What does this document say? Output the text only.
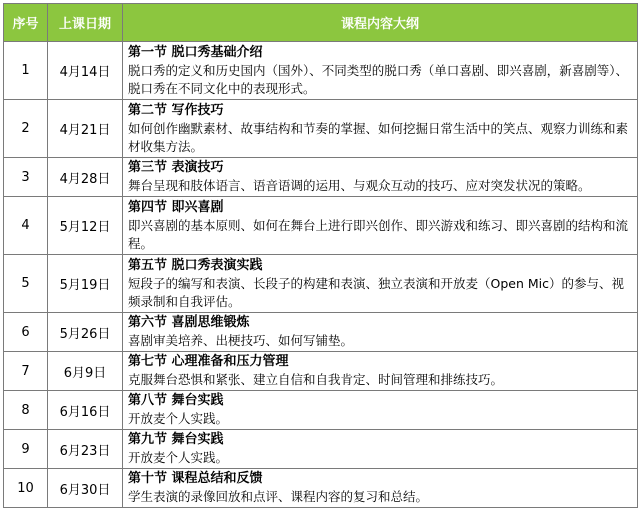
序号	上课日期	课程内容大纲
1	4月14日	第一节 脱口秀基础介绍
脱口秀的定义和历史国内（国外）、不同类型的脱口秀（单口喜剧、即兴喜剧，新喜剧等）、脱口秀在不同文化中的表现形式。

2	4月21日	第二节 写作技巧
如何创作幽默素材、故事结构和节奏的掌握、如何挖掘日常生活中的笑点、观察力训练和素材收集方法。

3	4月28日	第三节 表演技巧
舞台呈现和肢体语言、语音语调的运用、与观众互动的技巧、应对突发状况的策略。

4	5月12日	第四节 即兴喜剧
即兴喜剧的基本原则、如何在舞台上进行即兴创作、即兴游戏和练习、即兴喜剧的结构和流程。

5	5月19日	第五节 脱口秀表演实践
短段子的编写和表演、长段子的构建和表演、独立表演和开放麦（Open Mic）的参与、视频录制和自我评估。

6	5月26日	第六节 喜剧思维锻炼
喜剧审美培养、出梗技巧、如何写铺垫。

7	6月9日	第七节 心理准备和压力管理
克服舞台恐惧和紧张、建立自信和自我肯定、时间管理和排练技巧。

8	6月16日	第八节 舞台实践
开放麦个人实践。

9	6月23日	第九节 舞台实践
开放麦个人实践。

10	6月30日	第十节 课程总结和反馈
学生表演的录像回放和点评、课程内容的复习和总结。
